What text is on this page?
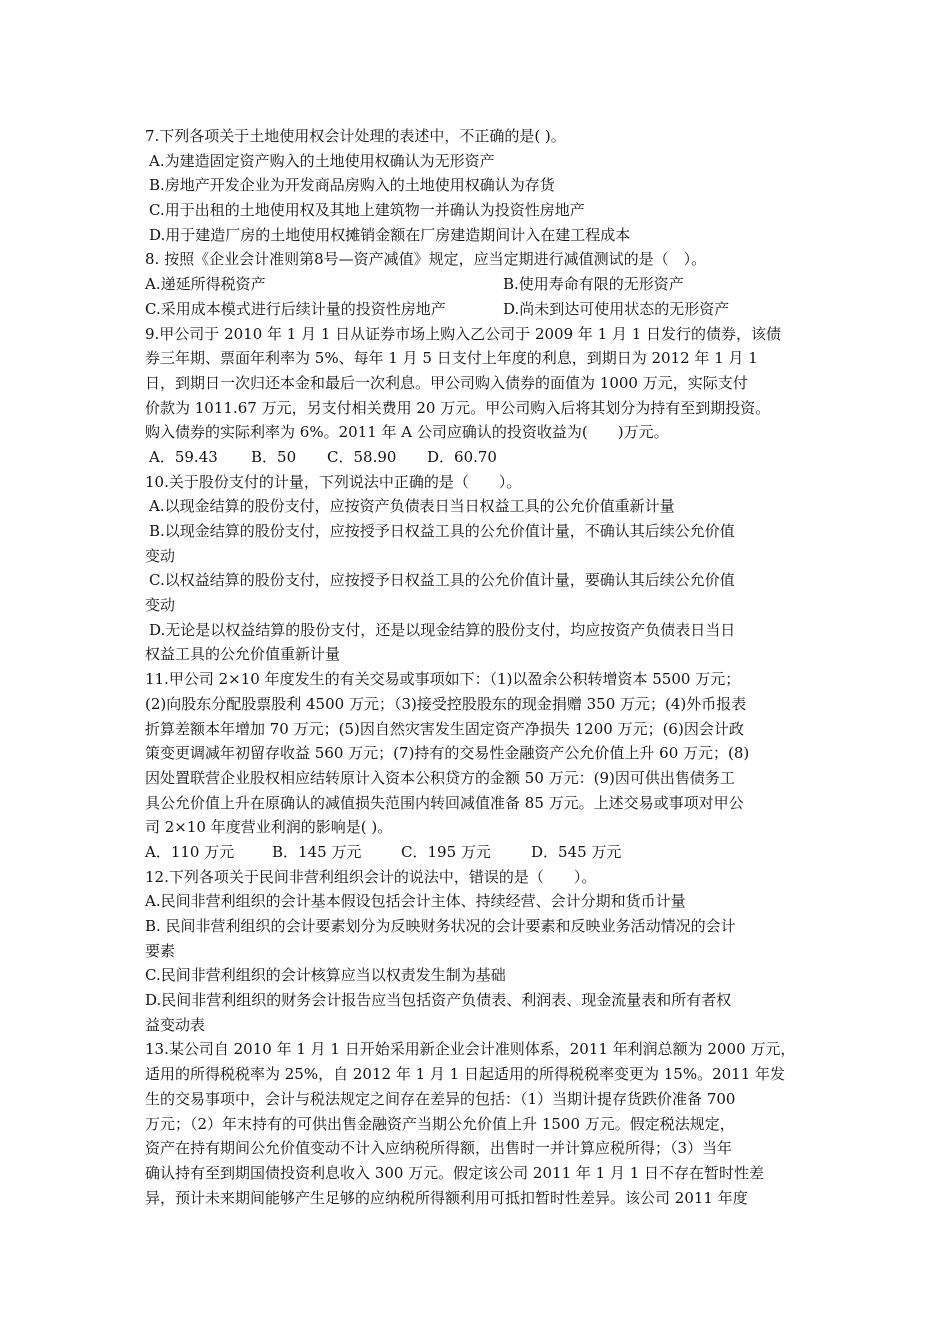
7.下列各项关于土地使用权会计处理的表述中，不正确的是( )。
A.为建造固定资产购入的土地使用权确认为无形资产
B.房地产开发企业为开发商品房购入的土地使用权确认为存货
C.用于出租的土地使用权及其地上建筑物一并确认为投资性房地产
D.用于建造厂房的土地使用权摊销金额在厂房建造期间计入在建工程成本
8. 按照《企业会计准则第8号—资产减值》规定，应当定期进行减值测试的是（　）。
A.递延所得税资产	B.使用寿命有限的无形资产
C.采用成本模式进行后续计量的投资性房地产	D.尚未到达可使用状态的无形资产
9.甲公司于 2010 年 1 月 1 日从证券市场上购入乙公司于 2009 年 1 月 1 日发行的债券，该债
券三年期、票面年利率为 5%、每年 1 月 5 日支付上年度的利息，到期日为 2012 年 1 月 1
日，到期日一次归还本金和最后一次利息。甲公司购入债券的面值为 1000 万元，实际支付
价款为 1011.67 万元，另支付相关费用 20 万元。甲公司购入后将其划分为持有至到期投资。
购入债券的实际利率为 6%。2011 年 A 公司应确认的投资收益为(　　)万元。
A．59.43 B．50 C．58.90 D．60.70
10.关于股份支付的计量，下列说法中正确的是（　　）。
A.以现金结算的股份支付，应按资产负债表日当日权益工具的公允价值重新计量
B.以现金结算的股份支付，应按授予日权益工具的公允价值计量，不确认其后续公允价值
变动
C.以权益结算的股份支付，应按授予日权益工具的公允价值计量，要确认其后续公允价值
变动
D.无论是以权益结算的股份支付，还是以现金结算的股份支付，均应按资产负债表日当日
权益工具的公允价值重新计量
11.甲公司 2×10 年度发生的有关交易或事项如下：（1)以盈余公积转增资本 5500 万元；
(2)向股东分配股票股利 4500 万元；（3)接受控股股东的现金捐赠 350 万元；(4)外币报表
折算差额本年增加 70 万元；(5)因自然灾害发生固定资产净损失 1200 万元；(6)因会计政
策变更调减年初留存收益 560 万元；(7)持有的交易性金融资产公允价值上升 60 万元；(8)
因处置联营企业股权相应结转原计入资本公积贷方的金额 50 万元：(9)因可供出售债务工
具公允价值上升在原确认的减值损失范围内转回减值准备 85 万元。上述交易或事项对甲公
司 2×10 年度营业利润的影响是( )。
A．110 万元	B．145 万元	C．195 万元	D．545 万元
12.下列各项关于民间非营利组织会计的说法中，错误的是（　　）。
A.民间非营利组织的会计基本假设包括会计主体、持续经营、会计分期和货币计量
B. 民间非营利组织的会计要素划分为反映财务状况的会计要素和反映业务活动情况的会计
要素
C.民间非营利组织的会计核算应当以权责发生制为基础
D.民间非营利组织的财务会计报告应当包括资产负债表、利润表、现金流量表和所有者权
益变动表
13.某公司自 2010 年 1 月 1 日开始采用新企业会计准则体系，2011 年利润总额为 2000 万元，
适用的所得税税率为 25%，自 2012 年 1 月 1 日起适用的所得税税率变更为 15%。2011 年发
生的交易事项中，会计与税法规定之间存在差异的包括：（1）当期计提存货跌价准备 700
万元；（2）年末持有的可供出售金融资产当期公允价值上升 1500 万元。假定税法规定，
资产在持有期间公允价值变动不计入应纳税所得额，出售时一并计算应税所得；（3）当年
确认持有至到期国债投资利息收入 300 万元。假定该公司 2011 年 1 月 1 日不存在暂时性差
异，预计未来期间能够产生足够的应纳税所得额利用可抵扣暂时性差异。该公司 2011 年度
